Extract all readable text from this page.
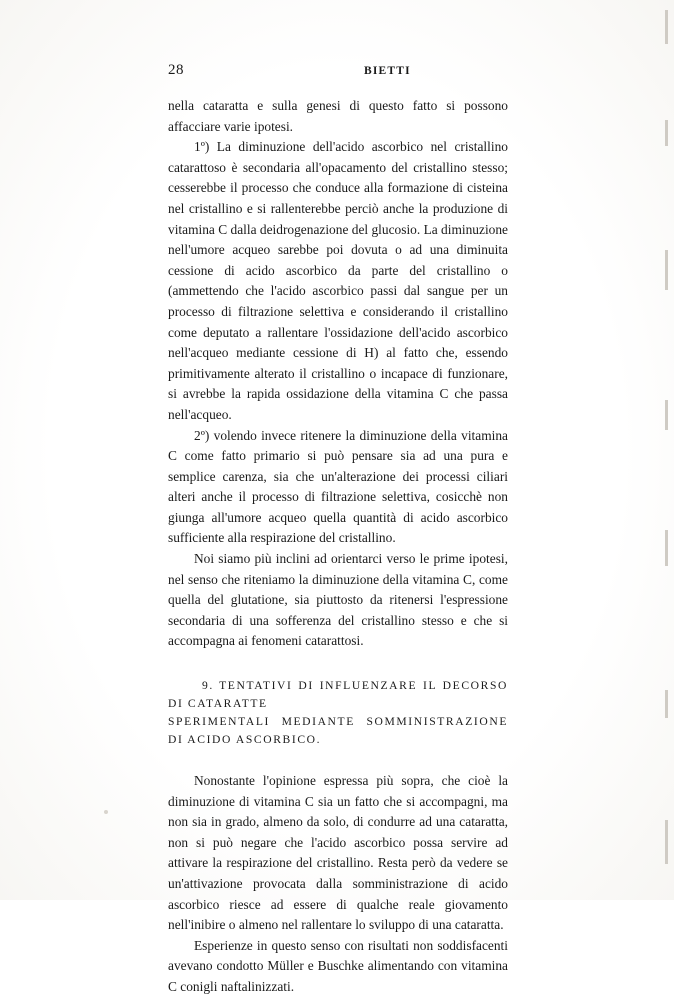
28	BIETTI

nella cataratta e sulla genesi di questo fatto si possono affacciare varie ipotesi.

1º) La diminuzione dell'acido ascorbico nel cristallino catarattoso è secondaria all'opacamento del cristallino stesso; cesserebbe il processo che conduce alla formazione di cisteina nel cristallino e si rallenterebbe perciò anche la produzione di vitamina C dalla deidrogenazione del glucosio. La diminuzione nell'umore acqueo sarebbe poi dovuta o ad una diminuita cessione di acido ascorbico da parte del cristallino o (ammettendo che l'acido ascorbico passi dal sangue per un processo di filtrazione selettiva e considerando il cristallino come deputato a rallentare l'ossidazione dell'acido ascorbico nell'acqueo mediante cessione di H) al fatto che, essendo primitivamente alterato il cristallino o incapace di funzionare, si avrebbe la rapida ossidazione della vitamina C che passa nell'acqueo.

2º) volendo invece ritenere la diminuzione della vitamina C come fatto primario si può pensare sia ad una pura e semplice carenza, sia che un'alterazione dei processi ciliari alteri anche il processo di filtrazione selettiva, cosicchè non giunga all'umore acqueo quella quantità di acido ascorbico sufficiente alla respirazione del cristallino.

Noi siamo più inclini ad orientarci verso le prime ipotesi, nel senso che riteniamo la diminuzione della vitamina C, come quella del glutatione, sia piuttosto da ritenersi l'espressione secondaria di una sofferenza del cristallino stesso e che si accompagna ai fenomeni catarattosi.

9. TENTATIVI DI INFLUENZARE IL DECORSO DI CATARATTE
SPERIMENTALI MEDIANTE SOMMINISTRAZIONE DI ACIDO ASCORBICO.

Nonostante l'opinione espressa più sopra, che cioè la diminuzione di vitamina C sia un fatto che si accompagni, ma non sia in grado, almeno da solo, di condurre ad una cataratta, non si può negare che l'acido ascorbico possa servire ad attivare la respirazione del cristallino. Resta però da vedere se un'attivazione provocata dalla somministrazione di acido ascorbico riesce ad essere di qualche reale giovamento nell'inibire o almeno nel rallentare lo sviluppo di una cataratta.

Esperienze in questo senso con risultati non soddisfacenti avevano condotto Müller e Buschke alimentando con vitamina C conigli naftalinizzati.
